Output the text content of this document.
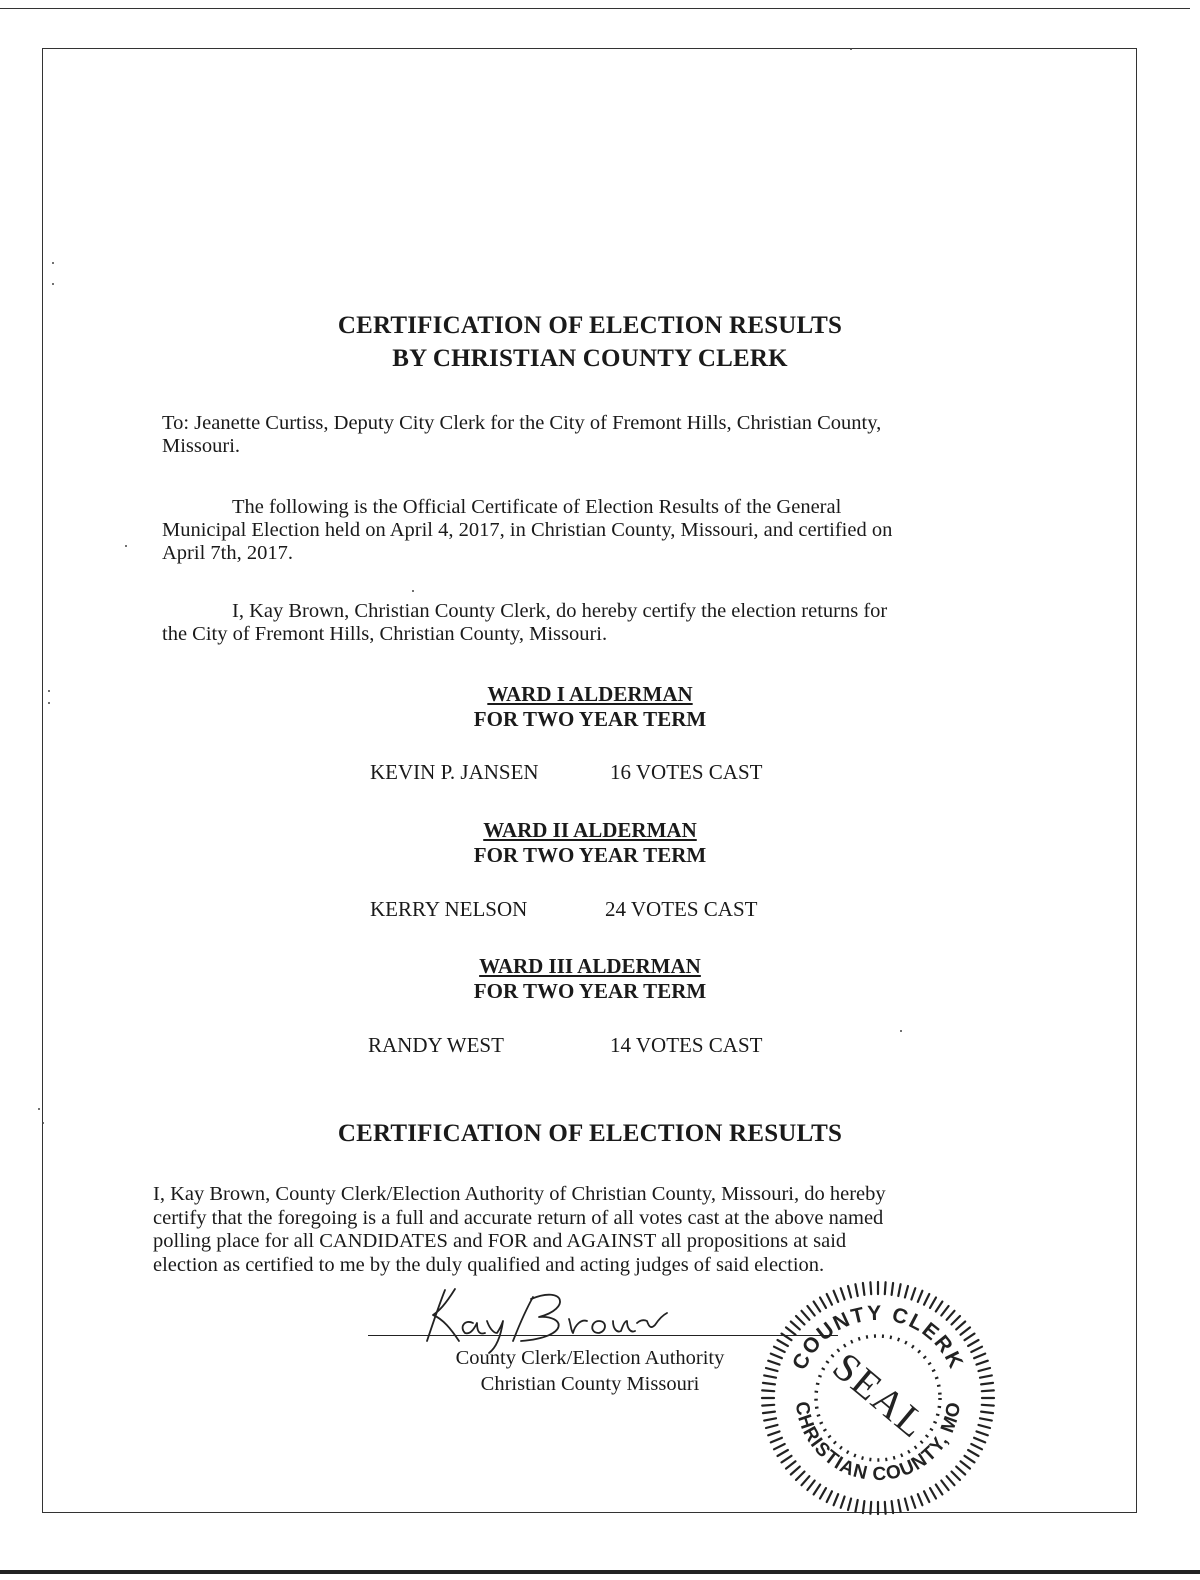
CERTIFICATION OF ELECTION RESULTS
BY CHRISTIAN COUNTY CLERK
To: Jeanette Curtiss, Deputy City Clerk for the City of Fremont Hills, Christian County,
Missouri.
The following is the Official Certificate of Election Results of the General
Municipal Election held on April 4, 2017, in Christian County, Missouri, and certified on
April 7th, 2017.
I, Kay Brown, Christian County Clerk, do hereby certify the election returns for
the City of Fremont Hills, Christian County, Missouri.
WARD I ALDERMAN
FOR TWO YEAR TERM
KEVIN P. JANSEN	16 VOTES CAST
WARD II ALDERMAN
FOR TWO YEAR TERM
KERRY NELSON	24 VOTES CAST
WARD III ALDERMAN
FOR TWO YEAR TERM
RANDY WEST	14 VOTES CAST
CERTIFICATION OF ELECTION RESULTS
I, Kay Brown, County Clerk/Election Authority of Christian County, Missouri, do hereby
certify that the foregoing is a full and accurate return of all votes cast at the above named
polling place for all CANDIDATES and FOR and AGAINST all propositions at said
election as certified to me by the duly qualified and acting judges of said election.
County Clerk/Election Authority
Christian County Missouri
COUNTY CLERK
CHRISTIAN COUNTY, MO
SEAL
